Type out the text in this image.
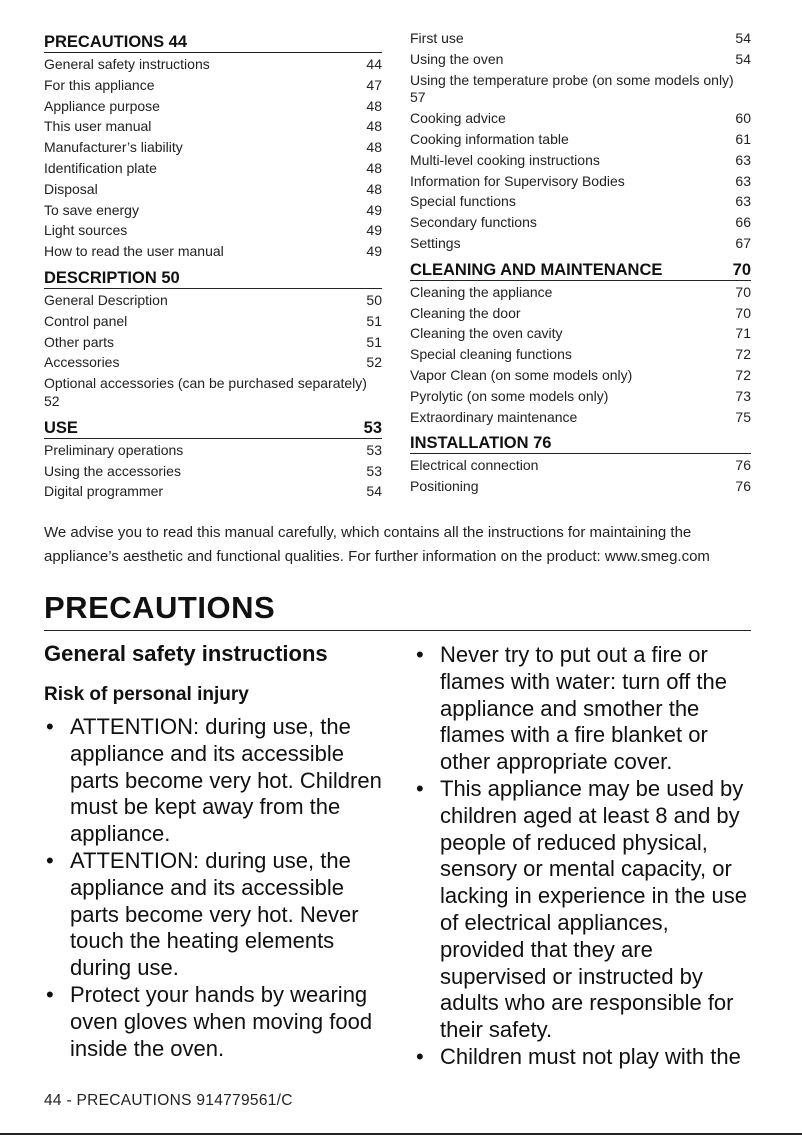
PRECAUTIONS 44
General safety instructions	44
For this appliance	47
Appliance purpose	48
This user manual	48
Manufacturer’s liability	48
Identification plate	48
Disposal	48
To save energy	49
Light sources	49
How to read the user manual	49
DESCRIPTION 50
General Description	50
Control panel	51
Other parts	51
Accessories	52
Optional accessories (can be purchased separately)
52
USE	53
Preliminary operations	53
Using the accessories	53
Digital programmer	54
First use	54
Using the oven	54
Using the temperature probe (on some models only)
57
Cooking advice	60
Cooking information table	61
Multi-level cooking instructions	63
Information for Supervisory Bodies	63
Special functions	63
Secondary functions	66
Settings	67
CLEANING AND MAINTENANCE	70
Cleaning the appliance	70
Cleaning the door	70
Cleaning the oven cavity	71
Special cleaning functions	72
Vapor Clean (on some models only)	72
Pyrolytic (on some models only)	73
Extraordinary maintenance	75
INSTALLATION 76
Electrical connection	76
Positioning	76
We advise you to read this manual carefully, which contains all the instructions for maintaining the appliance’s aesthetic and functional qualities. For further information on the product: www.smeg.com
PRECAUTIONS
General safety instructions
Risk of personal injury
• ATTENTION: during use, the appliance and its accessible parts become very hot. Children must be kept away from the appliance.
• ATTENTION: during use, the appliance and its accessible parts become very hot. Never touch the heating elements during use.
• Protect your hands by wearing oven gloves when moving food inside the oven.
• Never try to put out a fire or flames with water: turn off the appliance and smother the flames with a fire blanket or other appropriate cover.
• This appliance may be used by children aged at least 8 and by people of reduced physical, sensory or mental capacity, or lacking in experience in the use of electrical appliances, provided that they are supervised or instructed by adults who are responsible for their safety.
• Children must not play with the
44 - PRECAUTIONS 914779561/C
